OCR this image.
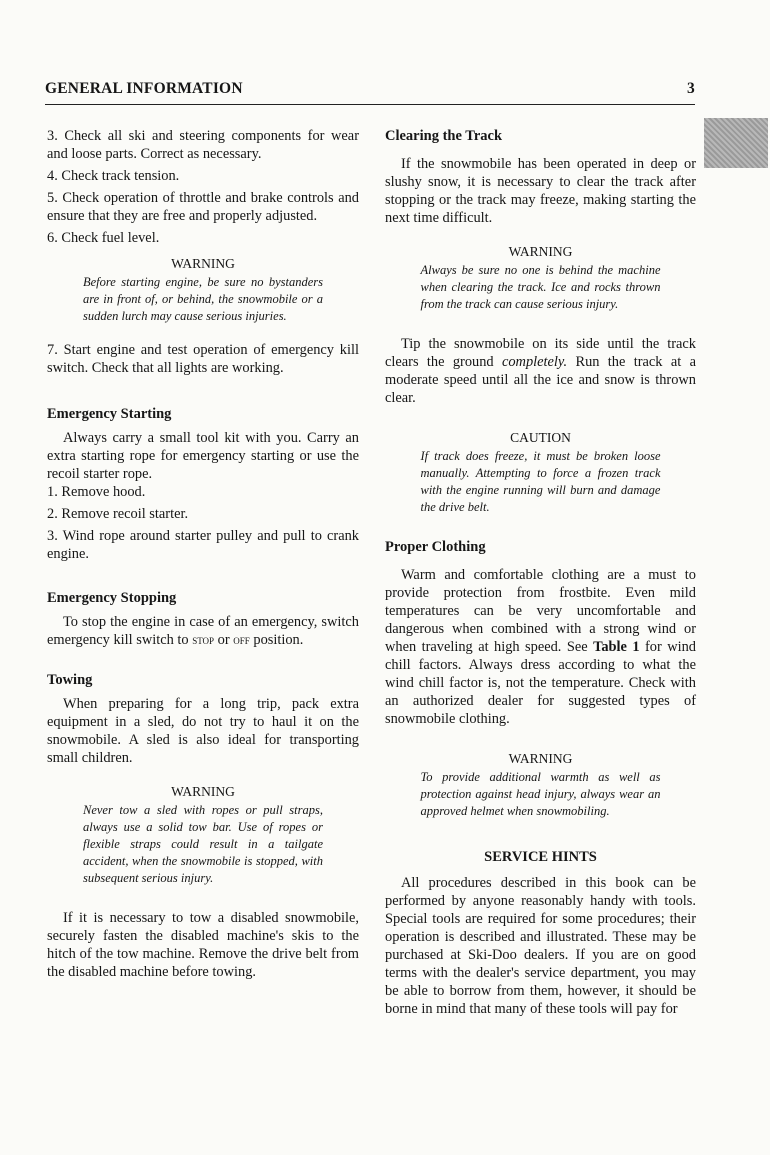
GENERAL INFORMATION	3

3. Check all ski and steering components for wear and loose parts. Correct as necessary.

4. Check track tension.

5. Check operation of throttle and brake controls and ensure that they are free and properly adjusted.

6. Check fuel level.

WARNING
Before starting engine, be sure no bystanders are in front of, or behind, the snowmobile or a sudden lurch may cause serious injuries.

7. Start engine and test operation of emergency kill switch. Check that all lights are working.

Emergency Starting

Always carry a small tool kit with you. Carry an extra starting rope for emergency starting or use the recoil starter rope.

1. Remove hood.

2. Remove recoil starter.

3. Wind rope around starter pulley and pull to crank engine.

Emergency Stopping

To stop the engine in case of an emergency, switch emergency kill switch to stop or off position.

Towing

When preparing for a long trip, pack extra equipment in a sled, do not try to haul it on the snowmobile. A sled is also ideal for transporting small children.

WARNING
Never tow a sled with ropes or pull straps, always use a solid tow bar. Use of ropes or flexible straps could result in a tailgate accident, when the snowmobile is stopped, with subsequent serious injury.

If it is necessary to tow a disabled snowmobile, securely fasten the disabled machine's skis to the hitch of the tow machine. Remove the drive belt from the disabled machine before towing.

Clearing the Track

If the snowmobile has been operated in deep or slushy snow, it is necessary to clear the track after stopping or the track may freeze, making starting the next time difficult.

WARNING
Always be sure no one is behind the machine when clearing the track. Ice and rocks thrown from the track can cause serious injury.

Tip the snowmobile on its side until the track clears the ground completely. Run the track at a moderate speed until all the ice and snow is thrown clear.

CAUTION
If track does freeze, it must be broken loose manually. Attempting to force a frozen track with the engine running will burn and damage the drive belt.
Proper Clothing

Warm and comfortable clothing are a must to provide protection from frostbite. Even mild temperatures can be very uncomfortable and dangerous when combined with a strong wind or when traveling at high speed. See Table 1 for wind chill factors. Always dress according to what the wind chill factor is, not the temperature. Check with an authorized dealer for suggested types of snowmobile clothing.

WARNING
To provide additional warmth as well as protection against head injury, always wear an approved helmet when snowmobiling.
SERVICE HINTS

All procedures described in this book can be performed by anyone reasonably handy with tools. Special tools are required for some procedures; their operation is described and illustrated. These may be purchased at Ski-Doo dealers. If you are on good terms with the dealer's service department, you may be able to borrow from them, however, it should be borne in mind that many of these tools will pay for
